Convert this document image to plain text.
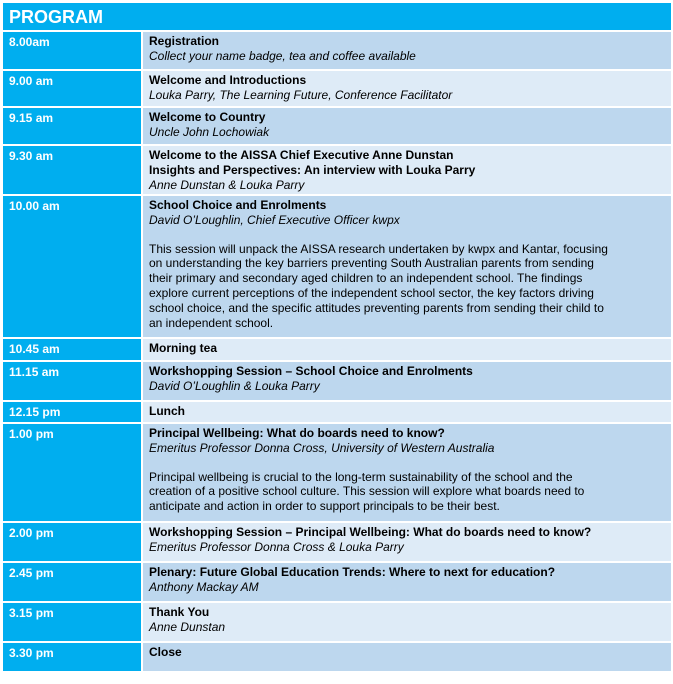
PROGRAM
8.00am	Registration
Collect your name badge, tea and coffee available
9.00 am	Welcome and Introductions
Louka Parry, The Learning Future, Conference Facilitator
9.15 am	Welcome to Country
Uncle John Lochowiak
9.30 am	Welcome to the AISSA Chief Executive Anne Dunstan
Insights and Perspectives: An interview with Louka Parry
Anne Dunstan & Louka Parry
10.00 am	School Choice and Enrolments
David O’Loughlin, Chief Executive Officer kwpx
This session will unpack the AISSA research undertaken by kwpx and Kantar, focusing
on understanding the key barriers preventing South Australian parents from sending
their primary and secondary aged children to an independent school. The findings
explore current perceptions of the independent school sector, the key factors driving
school choice, and the specific attitudes preventing parents from sending their child to
an independent school.
10.45 am	Morning tea
11.15 am	Workshopping Session – School Choice and Enrolments
David O’Loughlin & Louka Parry
12.15 pm	Lunch
1.00 pm	Principal Wellbeing: What do boards need to know?
Emeritus Professor Donna Cross, University of Western Australia
Principal wellbeing is crucial to the long-term sustainability of the school and the
creation of a positive school culture. This session will explore what boards need to
anticipate and action in order to support principals to be their best.
2.00 pm	Workshopping Session – Principal Wellbeing: What do boards need to know?
Emeritus Professor Donna Cross & Louka Parry
2.45 pm	Plenary: Future Global Education Trends: Where to next for education?
Anthony Mackay AM
3.15 pm	Thank You
Anne Dunstan
3.30 pm	Close
